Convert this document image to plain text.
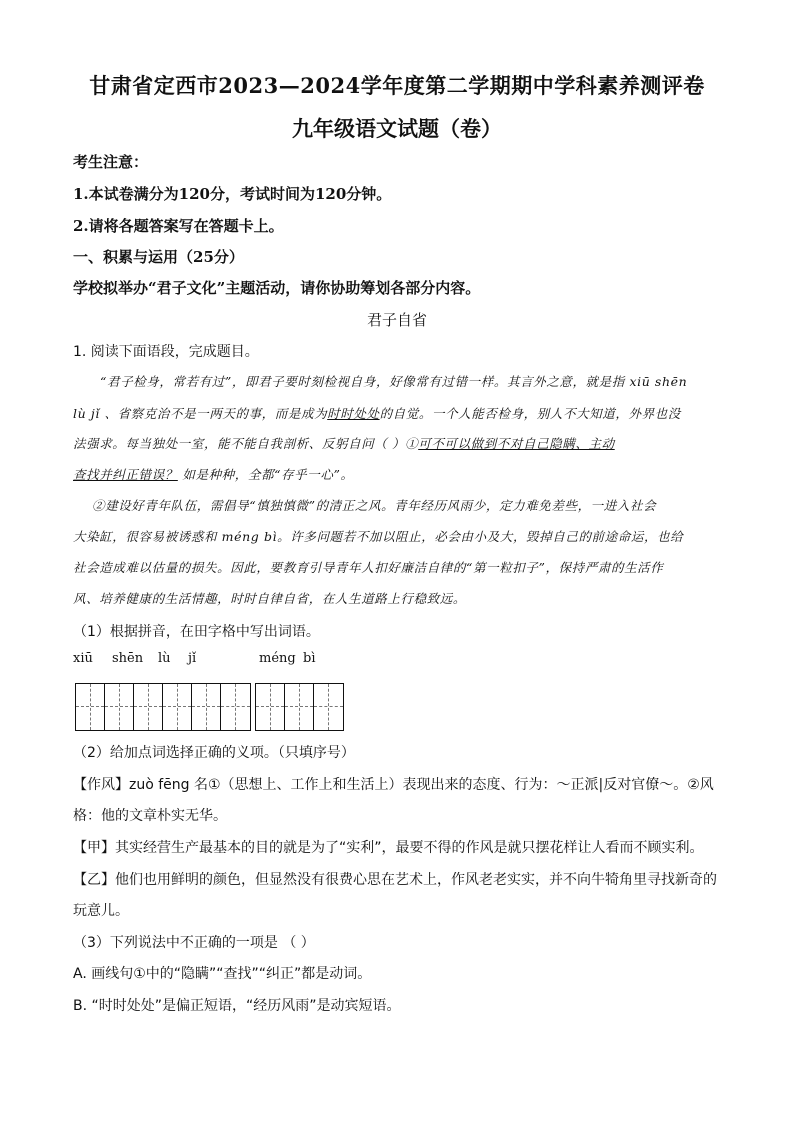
甘肃省定西市2023—2024学年度第二学期期中学科素养测评卷
九年级语文试题（卷）
考生注意：
1.本试卷满分为120分，考试时间为120分钟。
2.请将各题答案写在答题卡上。
一、积累与运用（25分）
学校拟举办“君子文化”主题活动，请你协助筹划各部分内容。
君子自省
1. 阅读下面语段，完成题目。
“君子检身，常若有过”，即君子要时刻检视自身，好像常有过错一样。其言外之意，就是指 xiū shēn
lù jǐ 、省察克治不是一两天的事，而是成为时时处处的自觉。一个人能否检身，别人不大知道，外界也没
法强求。每当独处一室，能不能自我剖析、反躬自问（ ）①可不可以做到不对自己隐瞒、主动
查找并纠正错误？ 如是种种，全都“存乎一心”。
②建设好青年队伍，需倡导“慎独慎微”的清正之风。青年经历风雨少，定力难免差些，一进入社会
大染缸，很容易被诱惑和 méng bì。许多问题若不加以阻止，必会由小及大，毁掉自己的前途命运，也给
社会造成难以估量的损失。因此，要教育引导青年人扣好廉洁自律的“第一粒扣子”，保持严肃的生活作
风、培养健康的生活情趣，时时自律自省，在人生道路上行稳致远。
（1）根据拼音，在田字格中写出词语。
xiū shēn lù jǐ	méng bì
（2）给加点词选择正确的义项。（只填序号）
【作风】zuò fēng 名①（思想上、工作上和生活上）表现出来的态度、行为：～正派|反对官僚～。②风
格：他的文章朴实无华。
【甲】其实经营生产最基本的目的就是为了“实利”，最要不得的作风是就只摆花样让人看而不顾实利。
【乙】他们也用鲜明的颜色，但显然没有很费心思在艺术上，作风老老实实，并不向牛犄角里寻找新奇的
玩意儿。
（3）下列说法中不正确的一项是 （ ）
A. 画线句①中的“隐瞒”“查找”“纠正”都是动词。
B. “时时处处”是偏正短语，“经历风雨”是动宾短语。
